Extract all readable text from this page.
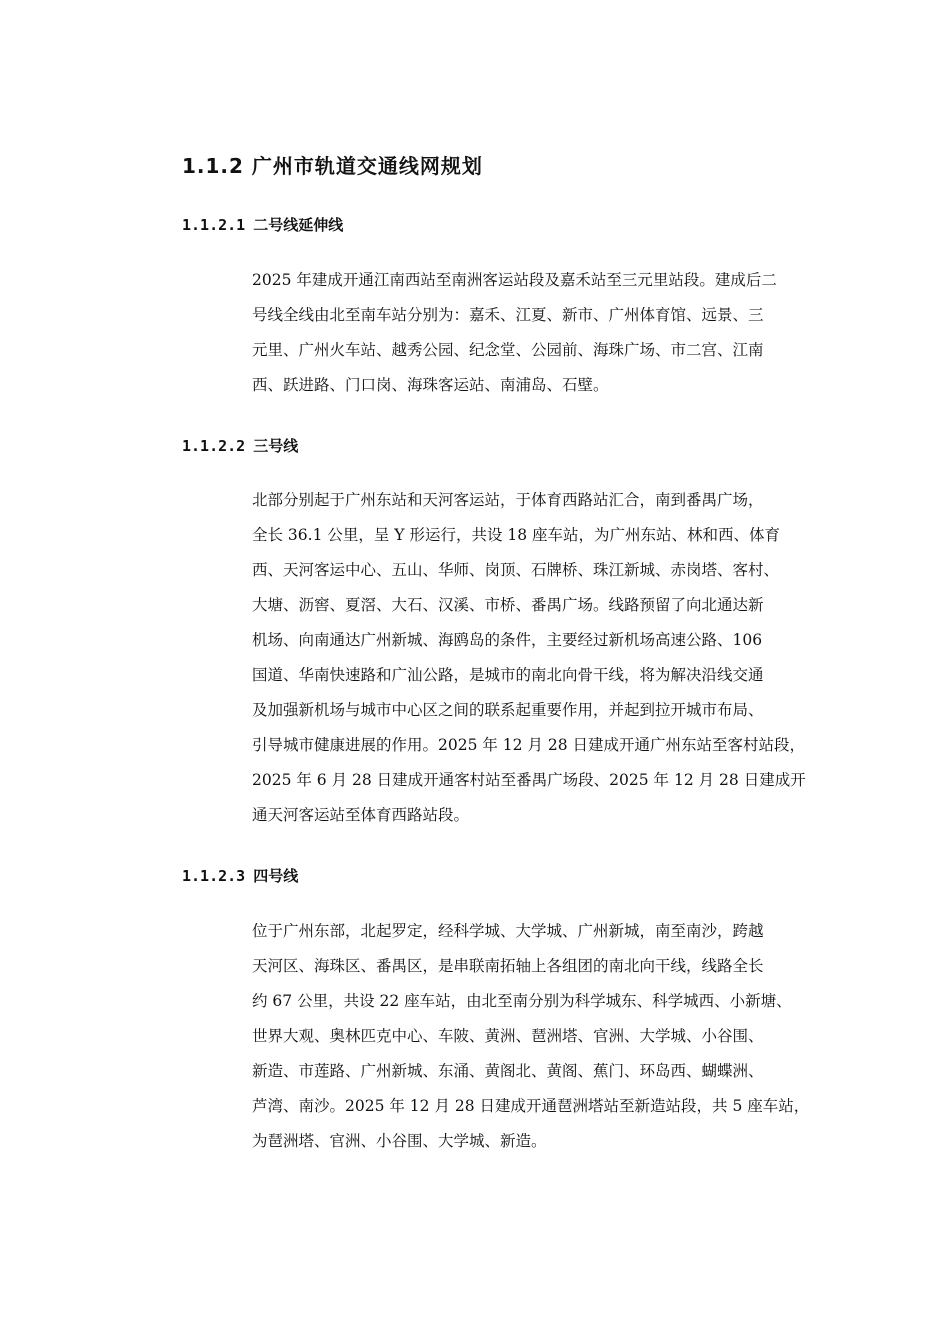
1.1.2 广州市轨道交通线网规划
1.1.2.1 二号线延伸线
2025 年建成开通江南西站至南洲客运站段及嘉禾站至三元里站段。建成后二
号线全线由北至南车站分别为：嘉禾、江夏、新市、广州体育馆、远景、三
元里、广州火车站、越秀公园、纪念堂、公园前、海珠广场、市二宫、江南
西、跃进路、门口岗、海珠客运站、南浦岛、石壁。
1.1.2.2 三号线
北部分别起于广州东站和天河客运站，于体育西路站汇合，南到番禺广场，
全长 36.1 公里，呈 Y 形运行，共设 18 座车站，为广州东站、林和西、体育
西、天河客运中心、五山、华师、岗顶、石牌桥、珠江新城、赤岗塔、客村、
大塘、沥窖、夏滘、大石、汉溪、市桥、番禺广场。线路预留了向北通达新
机场、向南通达广州新城、海鸥岛的条件，主要经过新机场高速公路、106
国道、华南快速路和广汕公路，是城市的南北向骨干线，将为解决沿线交通
及加强新机场与城市中心区之间的联系起重要作用，并起到拉开城市布局、
引导城市健康进展的作用。2025 年 12 月 28 日建成开通广州东站至客村站段，
2025 年 6 月 28 日建成开通客村站至番禺广场段、2025 年 12 月 28 日建成开
通天河客运站至体育西路站段。
1.1.2.3 四号线
位于广州东部，北起罗定，经科学城、大学城、广州新城，南至南沙，跨越
天河区、海珠区、番禺区，是串联南拓轴上各组团的南北向干线，线路全长
约 67 公里，共设 22 座车站，由北至南分别为科学城东、科学城西、小新塘、
世界大观、奥林匹克中心、车陂、黄洲、琶洲塔、官洲、大学城、小谷围、
新造、市莲路、广州新城、东涌、黄阁北、黄阁、蕉门、环岛西、蝴蝶洲、
芦湾、南沙。2025 年 12 月 28 日建成开通琶洲塔站至新造站段，共 5 座车站，
为琶洲塔、官洲、小谷围、大学城、新造。
